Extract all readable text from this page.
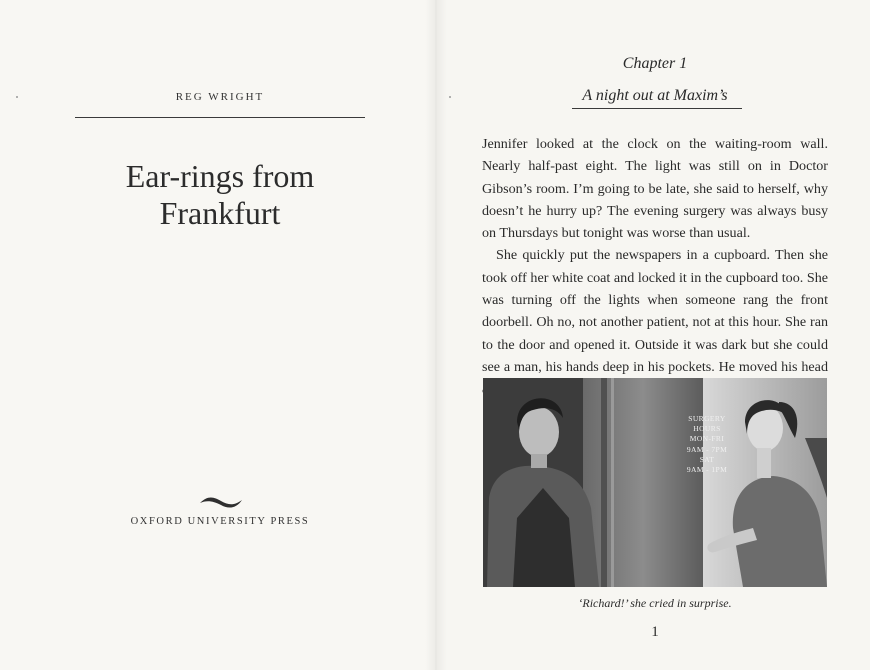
REG WRIGHT
Ear-rings from
Frankfurt
OXFORD UNIVERSITY PRESS
Chapter 1
A night out at Maxim’s

Jennifer looked at the clock on the waiting-room wall. Nearly half-past eight. The light was still on in Doctor Gibson’s room. I’m going to be late, she said to herself, why doesn’t he hurry up? The evening surgery was always busy on Thursdays but tonight was worse than usual.

She quickly put the newspapers in a cupboard. Then she took off her white coat and locked it in the cupboard too. She was turning off the lights when someone rang the front doorbell. Oh no, not another patient, not at this hour. She ran to the door and opened it. Outside it was dark but she could see a man, his hands deep in his pockets. He moved his head

SURGERY
HOURS
MON-FRI
9AM - 7PM
SAT
9AM - 1PM
‘Richard!’ she cried in surprise.
1
